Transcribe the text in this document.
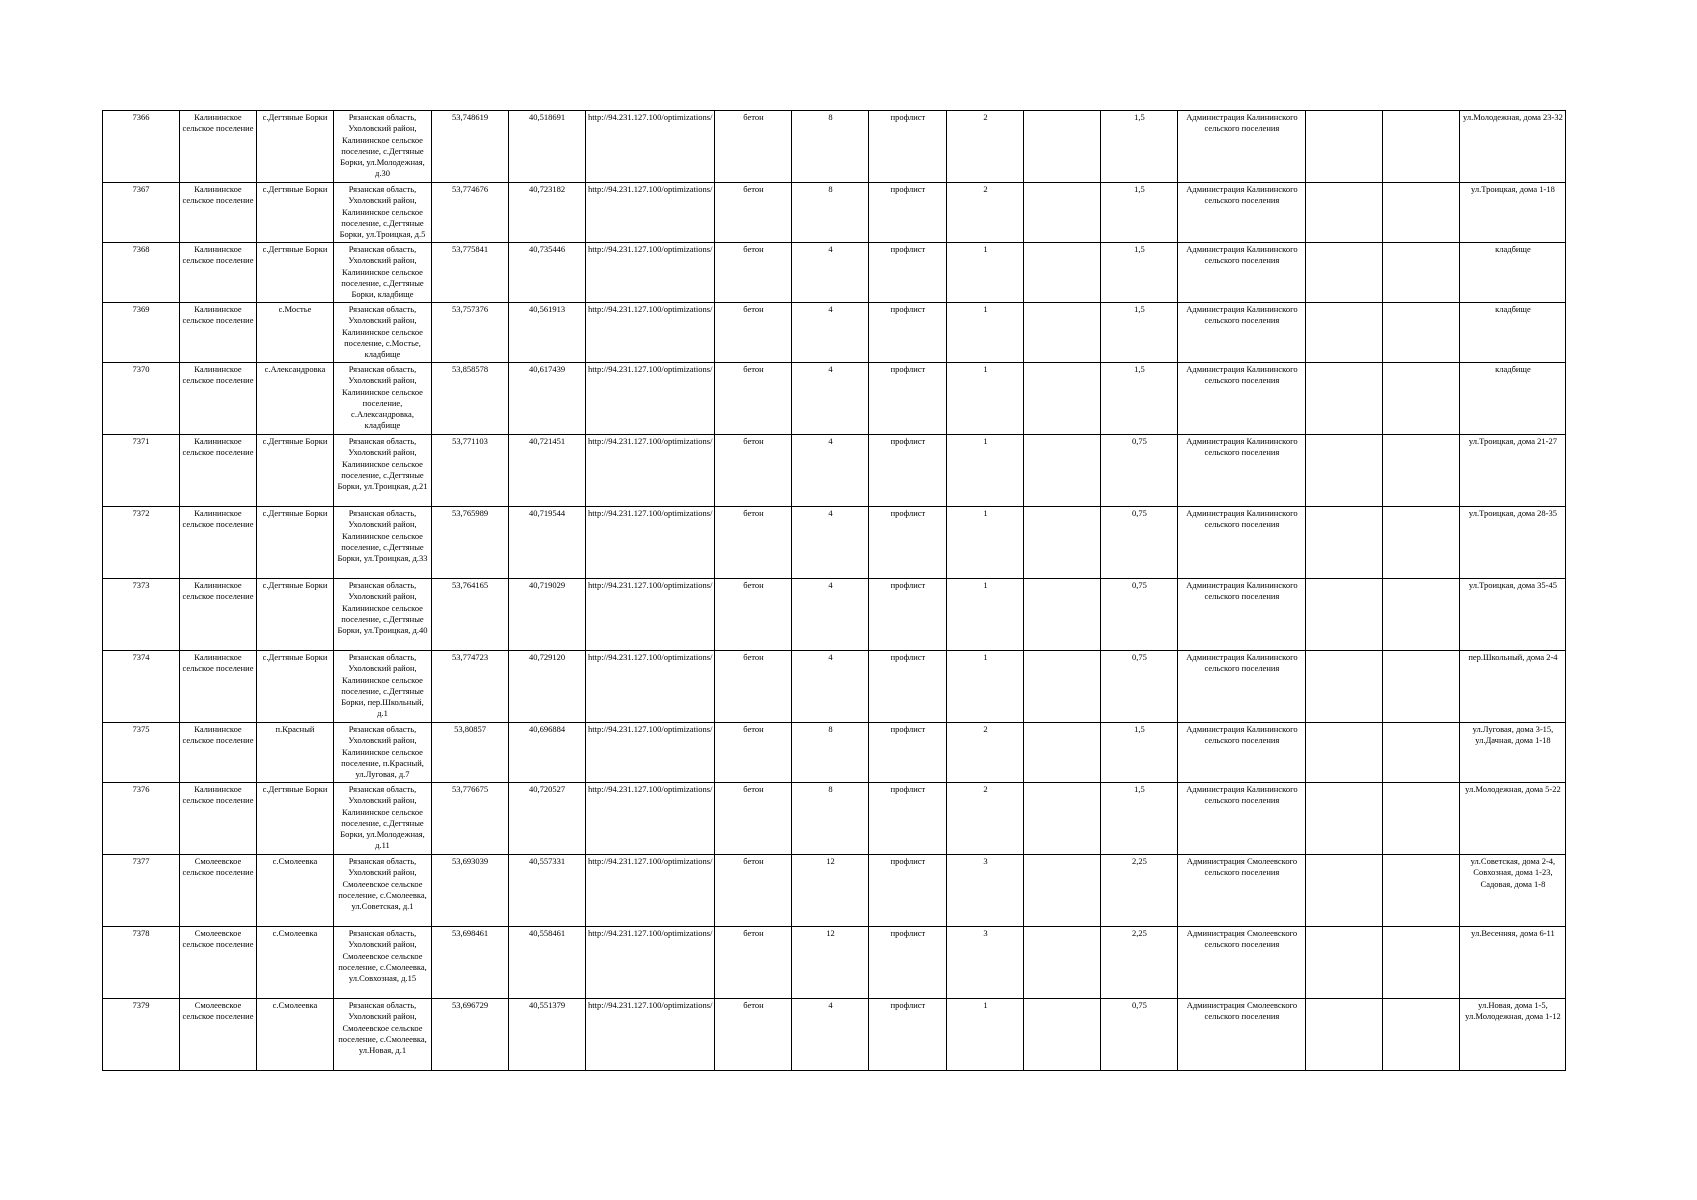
7366	Калининское сельское поселение	с.Дегтяные Борки	Рязанская область, Ухоловский район, Калининское сельское поселение, с.Дегтяные Борки, ул.Молодежная, д.30	53,748619	40,518691	http://94.231.127.100/optimizations/	бетон	8	профлист	2		1,5	Администрация Калининского сельского поселения			ул.Молодежная, дома 23-32
7367	Калининское сельское поселение	с.Дегтяные Борки	Рязанская область, Ухоловский район, Калининское сельское поселение, с.Дегтяные Борки, ул.Троицкая, д.5	53,774676	40,723182	http://94.231.127.100/optimizations/	бетон	8	профлист	2		1,5	Администрация Калининского сельского поселения			ул.Троицкая, дома 1-18
7368	Калининское сельское поселение	с.Дегтяные Борки	Рязанская область, Ухоловский район, Калининское сельское поселение, с.Дегтяные Борки, кладбище	53,775841	40,735446	http://94.231.127.100/optimizations/	бетон	4	профлист	1		1,5	Администрация Калининского сельского поселения			кладбище
7369	Калининское сельское поселение	с.Мостье	Рязанская область, Ухоловский район, Калининское сельское поселение, с.Мостье, кладбище	53,757376	40,561913	http://94.231.127.100/optimizations/	бетон	4	профлист	1		1,5	Администрация Калининского сельского поселения			кладбище
7370	Калининское сельское поселение	с.Александровка	Рязанская область, Ухоловский район, Калининское сельское поселение, с.Александровка, кладбище	53,858578	40,617439	http://94.231.127.100/optimizations/	бетон	4	профлист	1		1,5	Администрация Калининского сельского поселения			кладбище
7371	Калининское сельское поселение	с.Дегтяные Борки	Рязанская область, Ухоловский район, Калининское сельское поселение, с.Дегтяные Борки, ул.Троицкая, д.21	53,771103	40,721451	http://94.231.127.100/optimizations/	бетон	4	профлист	1		0,75	Администрация Калининского сельского поселения			ул.Троицкая, дома 21-27
7372	Калининское сельское поселение	с.Дегтяные Борки	Рязанская область, Ухоловский район, Калининское сельское поселение, с.Дегтяные Борки, ул.Троицкая, д.33	53,765989	40,719544	http://94.231.127.100/optimizations/	бетон	4	профлист	1		0,75	Администрация Калининского сельского поселения			ул.Троицкая, дома 28-35
7373	Калининское сельское поселение	с.Дегтяные Борки	Рязанская область, Ухоловский район, Калининское сельское поселение, с.Дегтяные Борки, ул.Троицкая, д.40	53,764165	40,719029	http://94.231.127.100/optimizations/	бетон	4	профлист	1		0,75	Администрация Калининского сельского поселения			ул.Троицкая, дома 35-45
7374	Калининское сельское поселение	с.Дегтяные Борки	Рязанская область, Ухоловский район, Калининское сельское поселение, с.Дегтяные Борки, пер.Школьный, д.1	53,774723	40,729120	http://94.231.127.100/optimizations/	бетон	4	профлист	1		0,75	Администрация Калининского сельского поселения			пер.Школьный, дома 2-4
7375	Калининское сельское поселение	п.Красный	Рязанская область, Ухоловский район, Калининское сельское поселение, п.Красный, ул.Луговая, д.7	53,80857	40,696884	http://94.231.127.100/optimizations/	бетон	8	профлист	2		1,5	Администрация Калининского сельского поселения			ул.Луговая, дома 3-15, ул.Дачная, дома 1-18
7376	Калининское сельское поселение	с.Дегтяные Борки	Рязанская область, Ухоловский район, Калининское сельское поселение, с.Дегтяные Борки, ул.Молодежная, д.11	53,776675	40,720527	http://94.231.127.100/optimizations/	бетон	8	профлист	2		1,5	Администрация Калининского сельского поселения			ул.Молодежная, дома 5-22
7377	Смолеевское сельское поселение	с.Смолеевка	Рязанская область, Ухоловский район, Смолеевское сельское поселение, с.Смолеевка, ул.Советская, д.1	53,693039	40,557331	http://94.231.127.100/optimizations/	бетон	12	профлист	3		2,25	Администрация Смолеевского сельского поселения			ул.Советская, дома 2-4, Совхозная, дома 1-23, Садовая, дома 1-8
7378	Смолеевское сельское поселение	с.Смолеевка	Рязанская область, Ухоловский район, Смолеевское сельское поселение, с.Смолеевка, ул.Совхозная, д.15	53,698461	40,558461	http://94.231.127.100/optimizations/	бетон	12	профлист	3		2,25	Администрация Смолеевского сельского поселения			ул.Весенняя, дома 6-11
7379	Смолеевское сельское поселение	с.Смолеевка	Рязанская область, Ухоловский район, Смолеевское сельское поселение, с.Смолеевка, ул.Новая, д.1	53,696729	40,551379	http://94.231.127.100/optimizations/	бетон	4	профлист	1		0,75	Администрация Смолеевского сельского поселения			ул.Новая, дома 1-5, ул.Молодежная, дома 1-12
